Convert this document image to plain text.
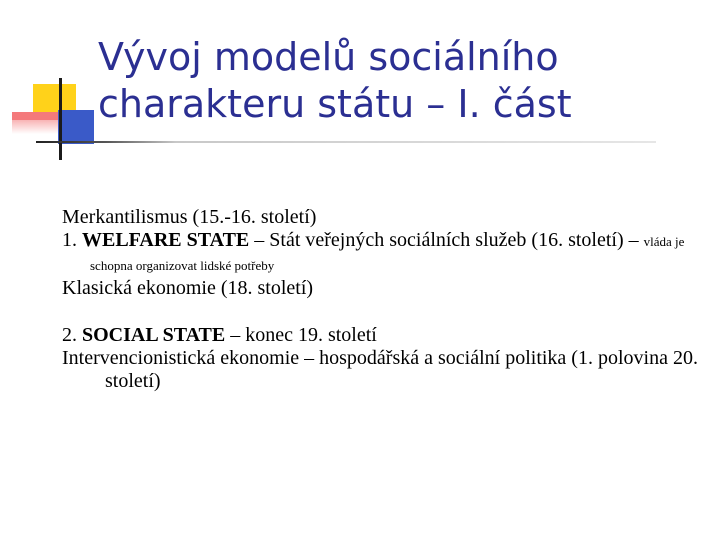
Vývoj modelů sociálního
charakteru státu – I. část

Merkantilismus (15.-16. století)

1. WELFARE STATE – Stát veřejných sociálních služeb (16. století) – vláda je schopna organizovat lidské potřeby

Klasická ekonomie (18. století)

2. SOCIAL STATE – konec 19. století

Intervencionistická ekonomie – hospodářská a sociální politika (1. polovina 20. století)
